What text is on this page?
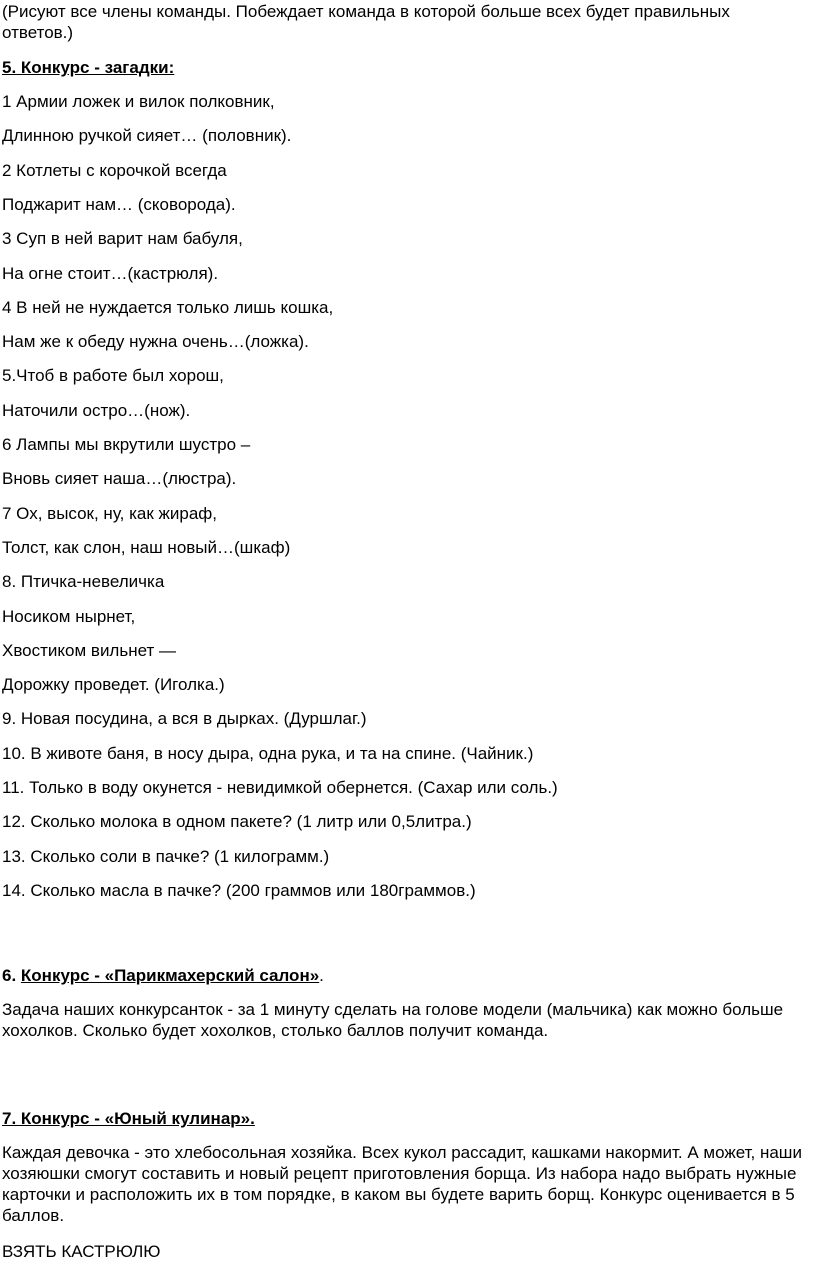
(Рисуют все члены команды. Побеждает команда в которой больше всех будет правильных ответов.)
5. Конкурс - загадки:
1 Армии ложек и вилок полковник,
Длинною ручкой сияет… (половник).
2 Котлеты с корочкой всегда
Поджарит нам… (сковорода).
3 Суп в ней варит нам бабуля,
На огне стоит…(кастрюля).
4 В ней не нуждается только лишь кошка,
Нам же к обеду нужна очень…(ложка).
5.Чтоб в работе был хорош,
Наточили остро…(нож).
6 Лампы мы вкрутили шустро –
Вновь сияет наша…(люстра).
7 Ох, высок, ну, как жираф,
Толст, как слон, наш новый…(шкаф)
8. Птичка-невеличка
Носиком нырнет,
Хвостиком вильнет —
Дорожку проведет. (Иголка.)
9. Новая посудина, а вся в дырках. (Дуршлаг.)
10. В животе баня, в носу дыра, одна рука, и та на спине. (Чайник.)
11. Только в воду окунется - невидимкой обернется. (Сахар или соль.)
12. Сколько молока в одном пакете? (1 литр или 0,5литра.)
13. Сколько соли в пачке? (1 килограмм.)
14. Сколько масла в пачке? (200 граммов или 180граммов.)
6. Конкурс - «Парикмахерский салон».
Задача наших конкурсанток - за 1 минуту сделать на голове модели (мальчика) как можно больше хохолков. Сколько будет хохолков, столько баллов получит команда.
7. Конкурс - «Юный кулинар».
Каждая девочка - это хлебосольная хозяйка. Всех кукол рассадит, кашками накормит. А может, наши хозяюшки смогут составить и новый рецепт приготовления борща. Из набора надо выбрать нужные карточки и расположить их в том порядке, в каком вы будете варить борщ. Конкурс оценивается в 5 баллов.
ВЗЯТЬ КАСТРЮЛЮ
